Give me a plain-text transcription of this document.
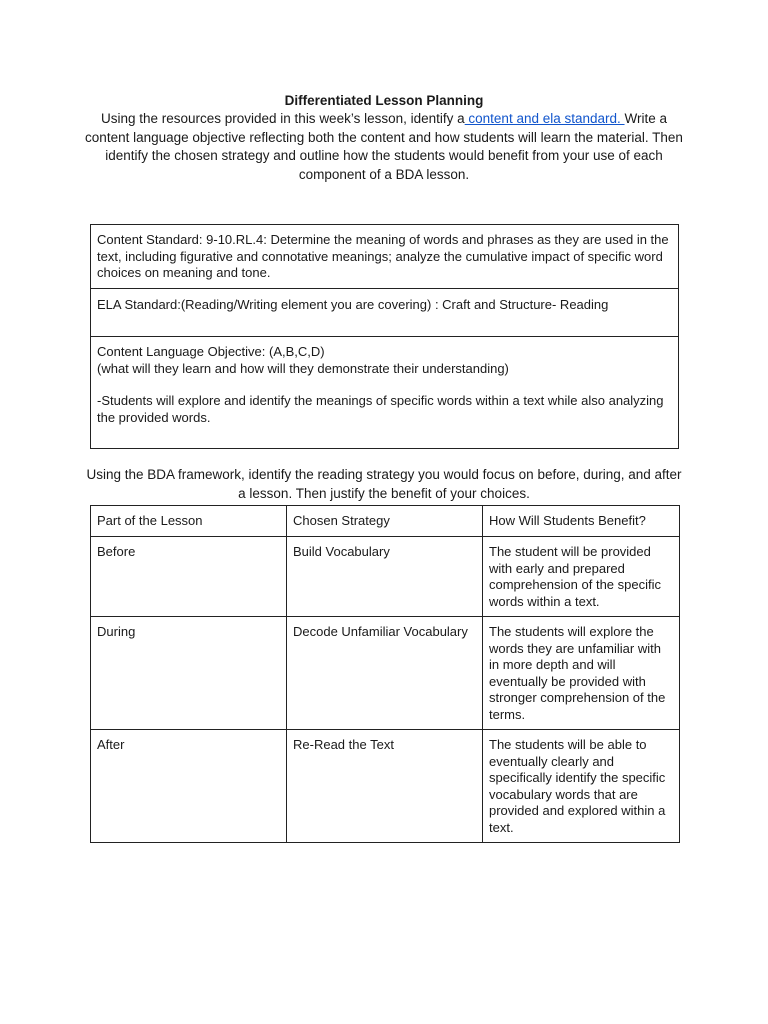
Differentiated Lesson Planning
Using the resources provided in this week’s lesson, identify a content and ela standard. Write a content language objective reflecting both the content and how students will learn the material. Then identify the chosen strategy and outline how the students would benefit from your use of each component of a BDA lesson.
Content Standard: 9-10.RL.4: Determine the meaning of words and phrases as they are used in the text, including figurative and connotative meanings; analyze the cumulative impact of specific word choices on meaning and tone.
ELA Standard:(Reading/Writing element you are covering) : Craft and Structure- Reading

Content Language Objective: (A,B,C,D)
(what will they learn and how will they demonstrate their understanding)
-Students will explore and identify the meanings of specific words within a text while also analyzing the provided words.
Using the BDA framework, identify the reading strategy you would focus on before, during, and after a lesson. Then justify the benefit of your choices.
Part of the Lesson	Chosen Strategy	How Will Students Benefit?
Before	Build Vocabulary	The student will be provided with early and prepared comprehension of the specific words within a text.
During	Decode Unfamiliar Vocabulary	The students will explore the words they are unfamiliar with in more depth and will eventually be provided with stronger comprehension of the terms.
After	Re-Read the Text	The students will be able to eventually clearly and specifically identify the specific vocabulary words that are provided and explored within a text.
